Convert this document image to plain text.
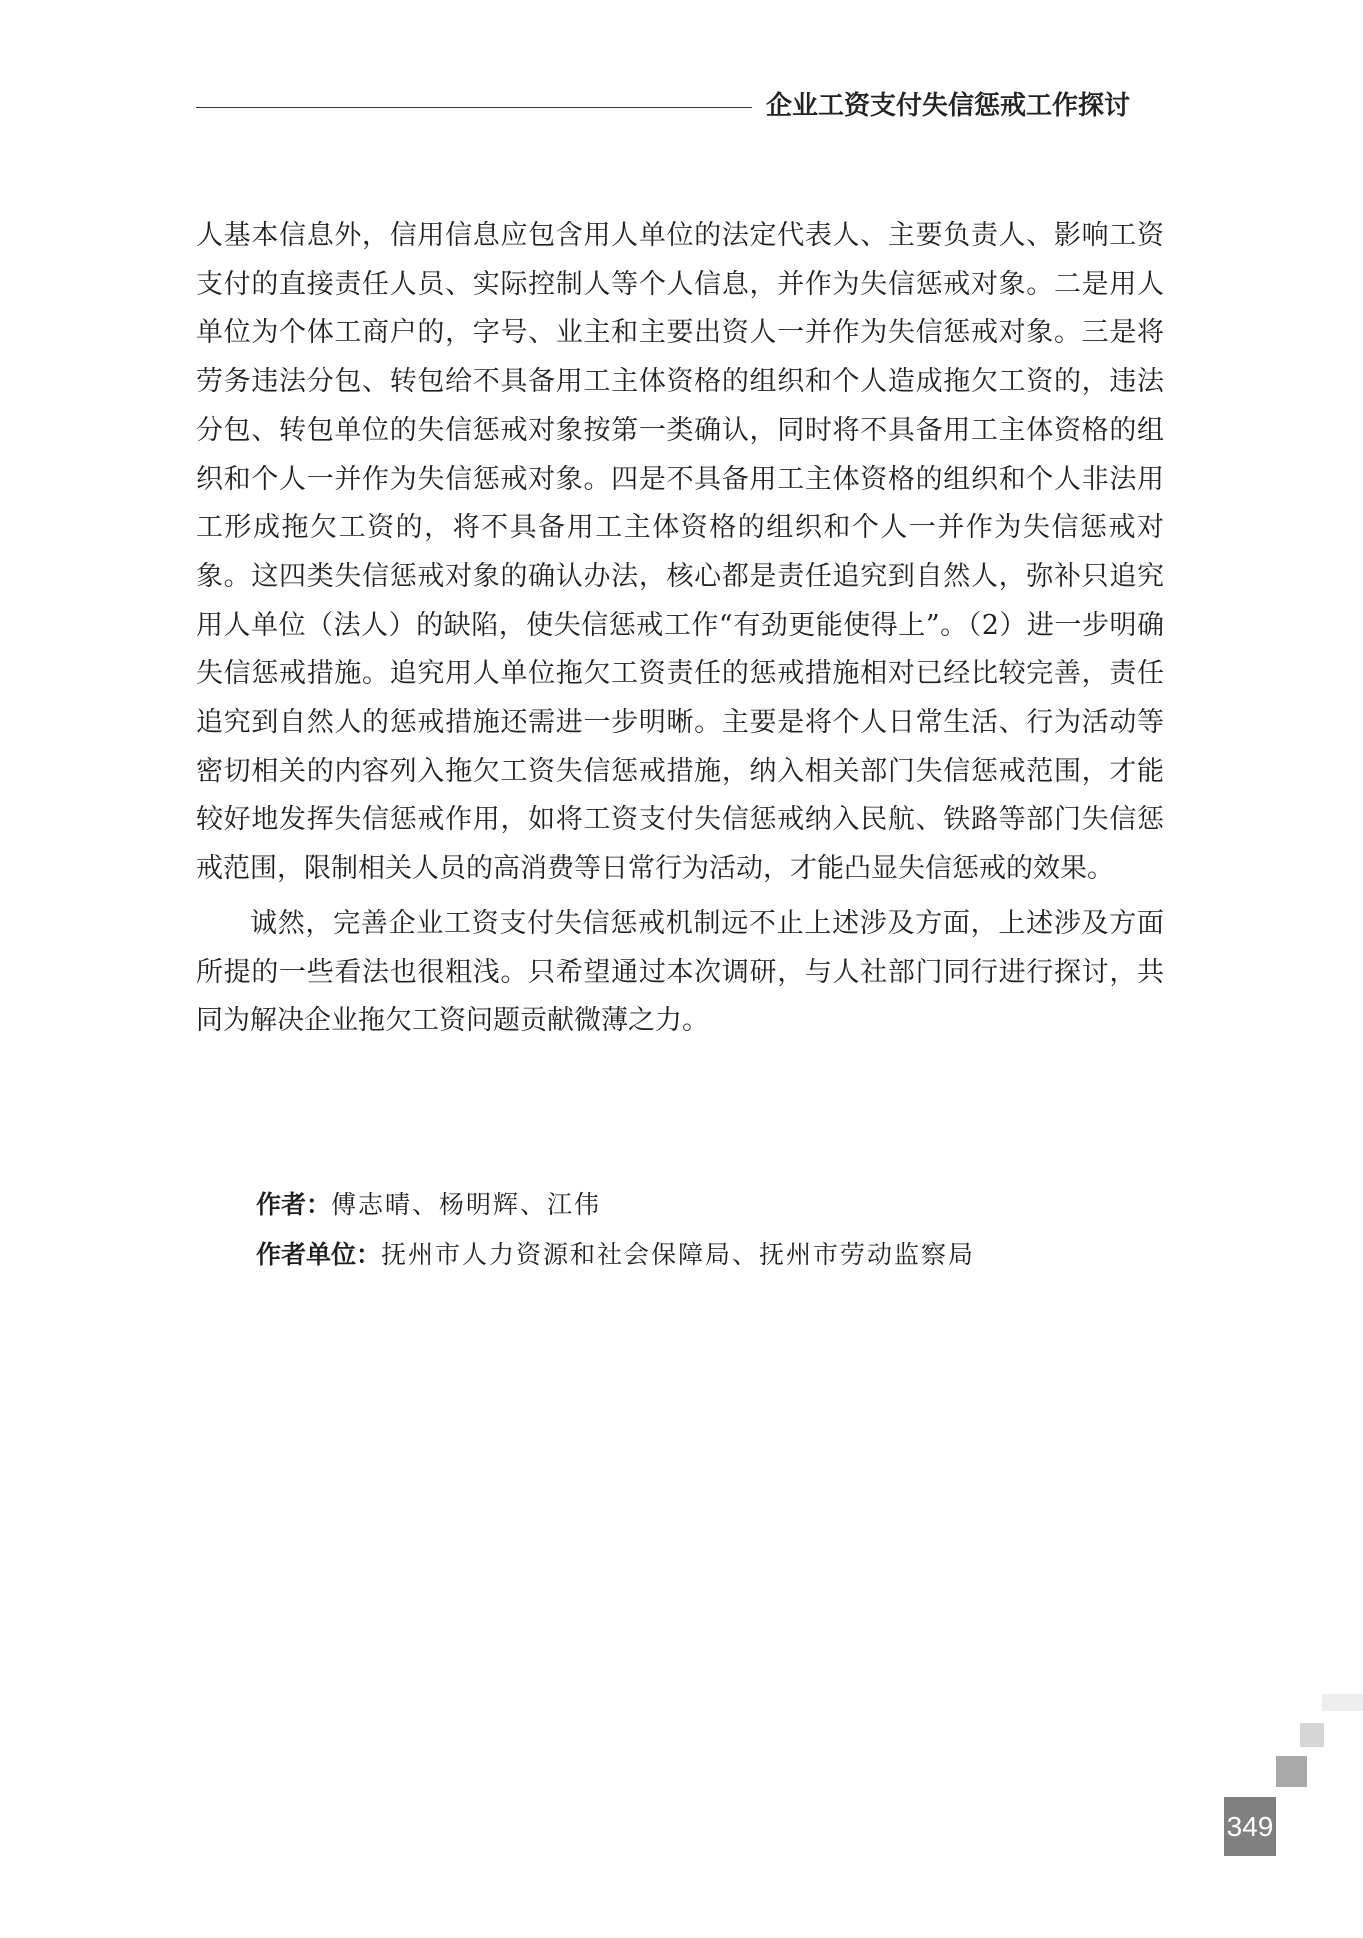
企业工资支付失信惩戒工作探讨

人基本信息外，信用信息应包含用人单位的法定代表人、主要负责人、影响工资支付的直接责任人员、实际控制人等个人信息，并作为失信惩戒对象。二是用人单位为个体工商户的，字号、业主和主要出资人一并作为失信惩戒对象。三是将劳务违法分包、转包给不具备用工主体资格的组织和个人造成拖欠工资的，违法分包、转包单位的失信惩戒对象按第一类确认，同时将不具备用工主体资格的组织和个人一并作为失信惩戒对象。四是不具备用工主体资格的组织和个人非法用工形成拖欠工资的，将不具备用工主体资格的组织和个人一并作为失信惩戒对象。这四类失信惩戒对象的确认办法，核心都是责任追究到自然人，弥补只追究用人单位（法人）的缺陷，使失信惩戒工作“有劲更能使得上”。（2）进一步明确失信惩戒措施。追究用人单位拖欠工资责任的惩戒措施相对已经比较完善，责任追究到自然人的惩戒措施还需进一步明晰。主要是将个人日常生活、行为活动等密切相关的内容列入拖欠工资失信惩戒措施，纳入相关部门失信惩戒范围，才能较好地发挥失信惩戒作用，如将工资支付失信惩戒纳入民航、铁路等部门失信惩戒范围，限制相关人员的高消费等日常行为活动，才能凸显失信惩戒的效果。

诚然，完善企业工资支付失信惩戒机制远不止上述涉及方面，上述涉及方面所提的一些看法也很粗浅。只希望通过本次调研，与人社部门同行进行探讨，共同为解决企业拖欠工资问题贡献微薄之力。

作者：傅志晴、杨明辉、江伟
作者单位：抚州市人力资源和社会保障局、抚州市劳动监察局
349
